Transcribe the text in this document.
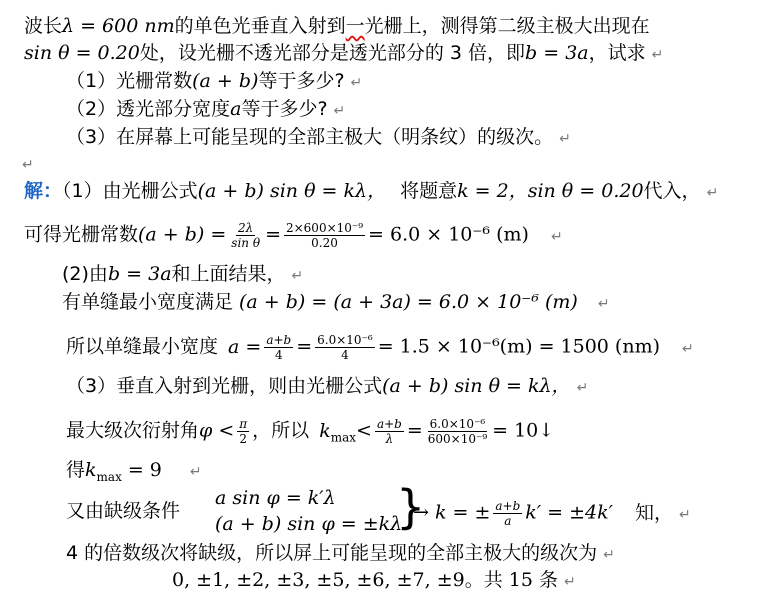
波长λ = 600 nm的单色光垂直入射到一光栅上，测得第二级主极大出现在
sin θ = 0.20处，设光栅不透光部分是透光部分的 3 倍，即b = 3a，试求 ↵
（1）光栅常数(a + b)等于多少? ↵
（2）透光部分宽度a等于多少? ↵
（3）在屏幕上可能呈现的全部主极大（明条纹）的级次。 ↵
↵
解：（1）由光栅公式(a + b) sin θ = kλ， 将题意k = 2，sin θ = 0.20代入， ↵
可得光栅常数$(a + b) = \frac{2\lambda}{\text{sin θ}} = \frac{\text{2×600×10⁻⁹}}{0.20} = 6.0 \times 10^{-6}$ (m) ↵
(2)由b = 3a和上面结果， ↵
有单缝最小宽度满足 (a + b) = (a + 3a) = 6.0 × 10⁻⁶ (m) ↵
所以单缝最小宽度 $a = \frac{a+b}{4} = \frac{\text{6.0×10⁻⁶}}{4} = 1.5 \times 10^{-6}(m) = 1500$ (nm) ↵
（3）垂直入射到光栅，则由光栅公式(a + b) sin θ = kλ， ↵
最大级次衍射角$\varphi < \frac{\pi}{2}$ ，所以 $k_{max}< \frac{a+b}{\lambda} = \frac{\text{6.0×10⁻⁶}}{\text{600×10⁻⁹}}$ = 10↓
得$k_{max} = 9$ ↵
又由缺级条件
a sin φ = k′λ
(a + b) sin φ = ±kλ
}
→ k = ± $\frac{a+b}{a} k' = \pm 4k'$ 知， ↵
4 的倍数级次将缺级，所以屏上可能呈现的全部主极大的级次为 ↵
0, ±1, ±2, ±3, ±5, ±6, ±7, ±9。共 15 条 ↵
